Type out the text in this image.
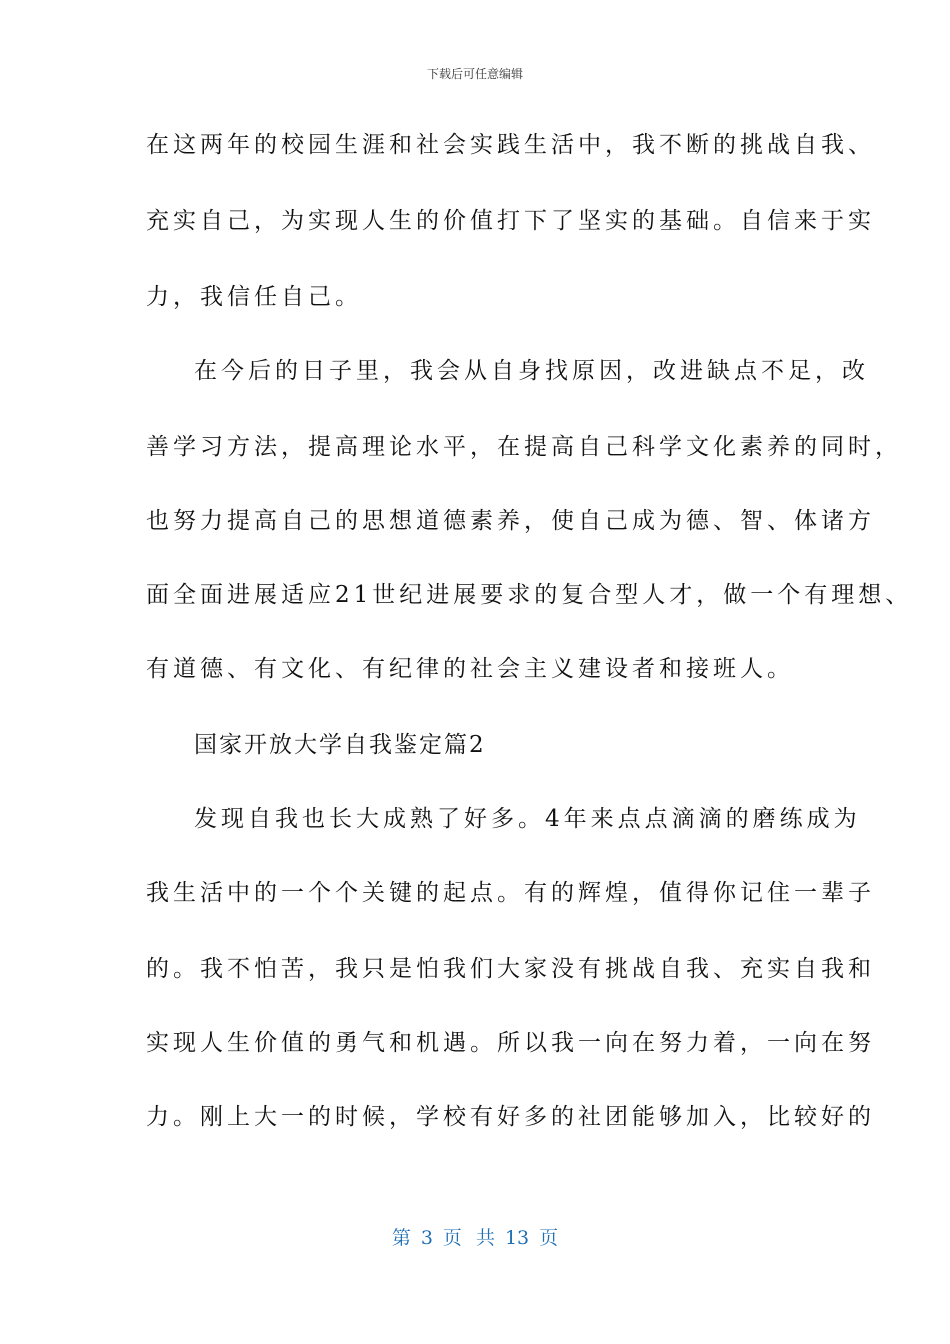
下载后可任意编辑
在这两年的校园生涯和社会实践生活中，我不断的挑战自我、
充实自己，为实现人生的价值打下了坚实的基础。自信来于实
力，我信任自己。
在今后的日子里，我会从自身找原因，改进缺点不足，改
善学习方法，提高理论水平，在提高自己科学文化素养的同时，
也努力提高自己的思想道德素养，使自己成为德、智、体诸方
面全面进展适应21世纪进展要求的复合型人才，做一个有理想、
有道德、有文化、有纪律的社会主义建设者和接班人。
国家开放大学自我鉴定篇2
发现自我也长大成熟了好多。4年来点点滴滴的磨练成为
我生活中的一个个关键的起点。有的辉煌，值得你记住一辈子
的。我不怕苦，我只是怕我们大家没有挑战自我、充实自我和
实现人生价值的勇气和机遇。所以我一向在努力着，一向在努
力。刚上大一的时候，学校有好多的社团能够加入，比较好的
第 3 页 共 13 页
